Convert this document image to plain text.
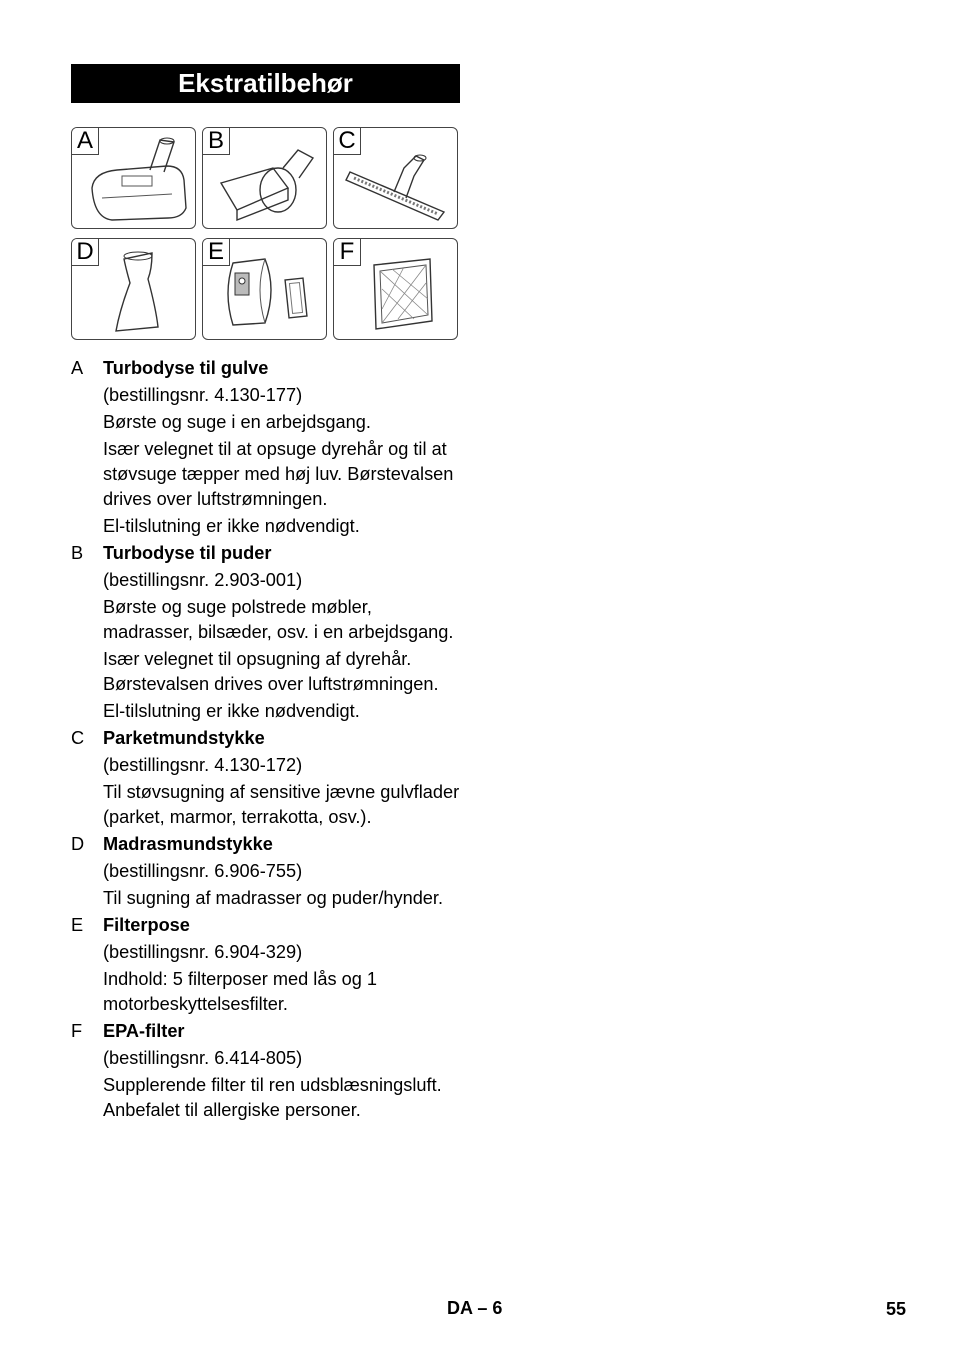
Ekstratilbehør
A	B	C
D	E	F
A Turbodyse til gulve

(bestillingsnr. 4.130-177)

Børste og suge i en arbejdsgang.

Især velegnet til at opsuge dyrehår og til at støvsuge tæpper med høj luv. Børstevalsen drives over luftstrømningen.

El-tilslutning er ikke nødvendigt.

B Turbodyse til puder

(bestillingsnr. 2.903-001)

Børste og suge polstrede møbler, madrasser, bilsæder, osv. i en arbejdsgang.

Især velegnet til opsugning af dyrehår. Børstevalsen drives over luftstrømningen.

El-tilslutning er ikke nødvendigt.

C Parketmundstykke

(bestillingsnr. 4.130-172)

Til støvsugning af sensitive jævne gulvflader (parket, marmor, terrakotta, osv.).

D Madrasmundstykke

(bestillingsnr. 6.906-755)

Til sugning af madrasser og puder/hynder.

E Filterpose

(bestillingsnr. 6.904-329)

Indhold: 5 filterposer med lås og 1 motorbeskyttelsesfilter.

F EPA-filter

(bestillingsnr. 6.414-805)

Supplerende filter til ren udsblæsningsluft. Anbefalet til allergiske personer.

DA – 6	55
